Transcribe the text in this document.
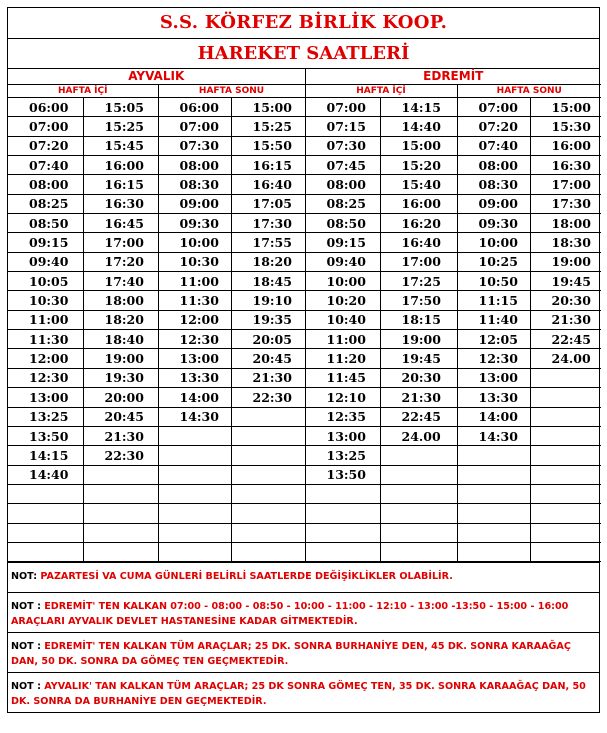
S.S. KÖRFEZ BİRLİK KOOP.
HAREKET SAATLERİ
AYVALIK				EDREMİT			
HAFTA İÇİ		HAFTA SONU		HAFTA İÇİ		HAFTA SONU	
06:00	15:05	06:00	15:00	07:00	14:15	07:00	15:00
07:00	15:25	07:00	15:25	07:15	14:40	07:20	15:30
07:20	15:45	07:30	15:50	07:30	15:00	07:40	16:00
07:40	16:00	08:00	16:15	07:45	15:20	08:00	16:30
08:00	16:15	08:30	16:40	08:00	15:40	08:30	17:00
08:25	16:30	09:00	17:05	08:25	16:00	09:00	17:30
08:50	16:45	09:30	17:30	08:50	16:20	09:30	18:00
09:15	17:00	10:00	17:55	09:15	16:40	10:00	18:30
09:40	17:20	10:30	18:20	09:40	17:00	10:25	19:00
10:05	17:40	11:00	18:45	10:00	17:25	10:50	19:45
10:30	18:00	11:30	19:10	10:20	17:50	11:15	20:30
11:00	18:20	12:00	19:35	10:40	18:15	11:40	21:30
11:30	18:40	12:30	20:05	11:00	19:00	12:05	22:45
12:00	19:00	13:00	20:45	11:20	19:45	12:30	24.00
12:30	19:30	13:30	21:30	11:45	20:30	13:00	
13:00	20:00	14:00	22:30	12:10	21:30	13:30	
13:25	20:45	14:30		12:35	22:45	14:00	
13:50	21:30			13:00	24.00	14:30	
14:15	22:30			13:25			
14:40				13:50			

NOT: PAZARTESİ VA CUMA GÜNLERİ BELİRLİ SAATLERDE DEĞİŞİKLİKLER OLABİLİR.
NOT : EDREMİT' TEN KALKAN 07:00 - 08:00 - 08:50 - 10:00 - 11:00 - 12:10 - 13:00 -13:50 - 15:00 - 16:00 ARAÇLARI AYVALIK DEVLET HASTANESİNE KADAR GİTMEKTEDİR.
NOT : EDREMİT' TEN KALKAN TÜM ARAÇLAR; 25 DK. SONRA BURHANİYE DEN, 45 DK. SONRA KARAAĞAÇ DAN, 50 DK. SONRA DA GÖMEÇ TEN GEÇMEKTEDİR.
NOT : AYVALIK' TAN KALKAN TÜM ARAÇLAR; 25 DK SONRA GÖMEÇ TEN, 35 DK. SONRA KARAAĞAÇ DAN, 50 DK. SONRA DA BURHANİYE DEN GEÇMEKTEDİR.
